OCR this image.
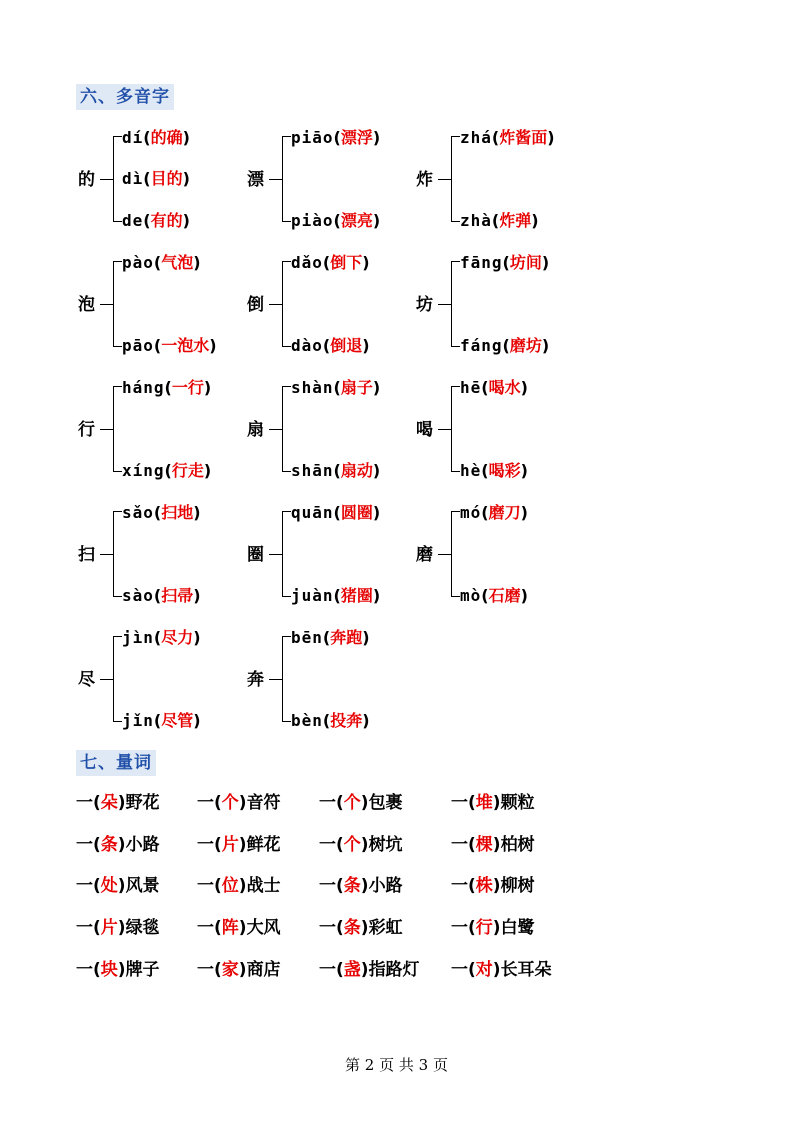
六、多音字
的
dí(的确)
dì(目的)
de(有的)
漂
piāo(漂浮)
piào(漂亮)
炸
zhá(炸酱面)
zhà(炸弹)
泡
pào(气泡)
pāo(一泡水)
倒
dǎo(倒下)
dào(倒退)
坊
fāng(坊间)
fáng(磨坊)
行
háng(一行)
xíng(行走)
扇
shàn(扇子)
shān(扇动)
喝
hē(喝水)
hè(喝彩)
扫
sǎo(扫地)
sào(扫帚)
圈
quān(圆圈)
juàn(猪圈)
磨
mó(磨刀)
mò(石磨)
尽
jìn(尽力)
jǐn(尽管)
奔
bēn(奔跑)
bèn(投奔)
七、量词
一(朵)野花 一(个)音符 一(个)包裹	一(堆)颗粒
一(条)小路 一(片)鲜花 一(个)树坑	一(棵)柏树
一(处)风景 一(位)战士 一(条)小路	一(株)柳树
一(片)绿毯 一(阵)大风 一(条)彩虹	一(行)白鹭
一(块)牌子 一(家)商店 一(盏)指路灯 一(对)长耳朵
第 2 页 共 3 页
